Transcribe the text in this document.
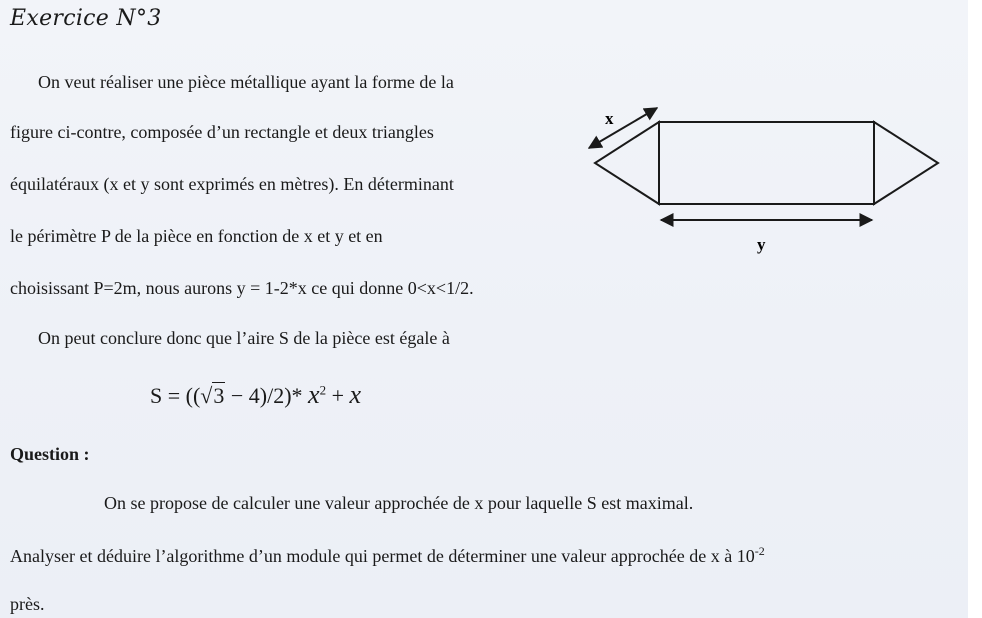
Exercice N°3

On veut réaliser une pièce métallique ayant la forme de la

figure ci-contre, composée d’un rectangle et deux triangles

équilatéraux (x et y sont exprimés en mètres). En déterminant

le périmètre P de la pièce en fonction de x et y et en

choisissant P=2m, nous aurons y = 1-2*x ce qui donne 0<x<1/2.

On peut conclure donc que l’aire S de la pièce est égale à

S = ((√3 − 4)/2)* $x^2 + x$

Question :

On se propose de calculer une valeur approchée de x pour laquelle S est maximal.

Analyser et déduire l’algorithme d’un module qui permet de déterminer une valeur approchée de x à $10^{-2}$

près.

x
y
